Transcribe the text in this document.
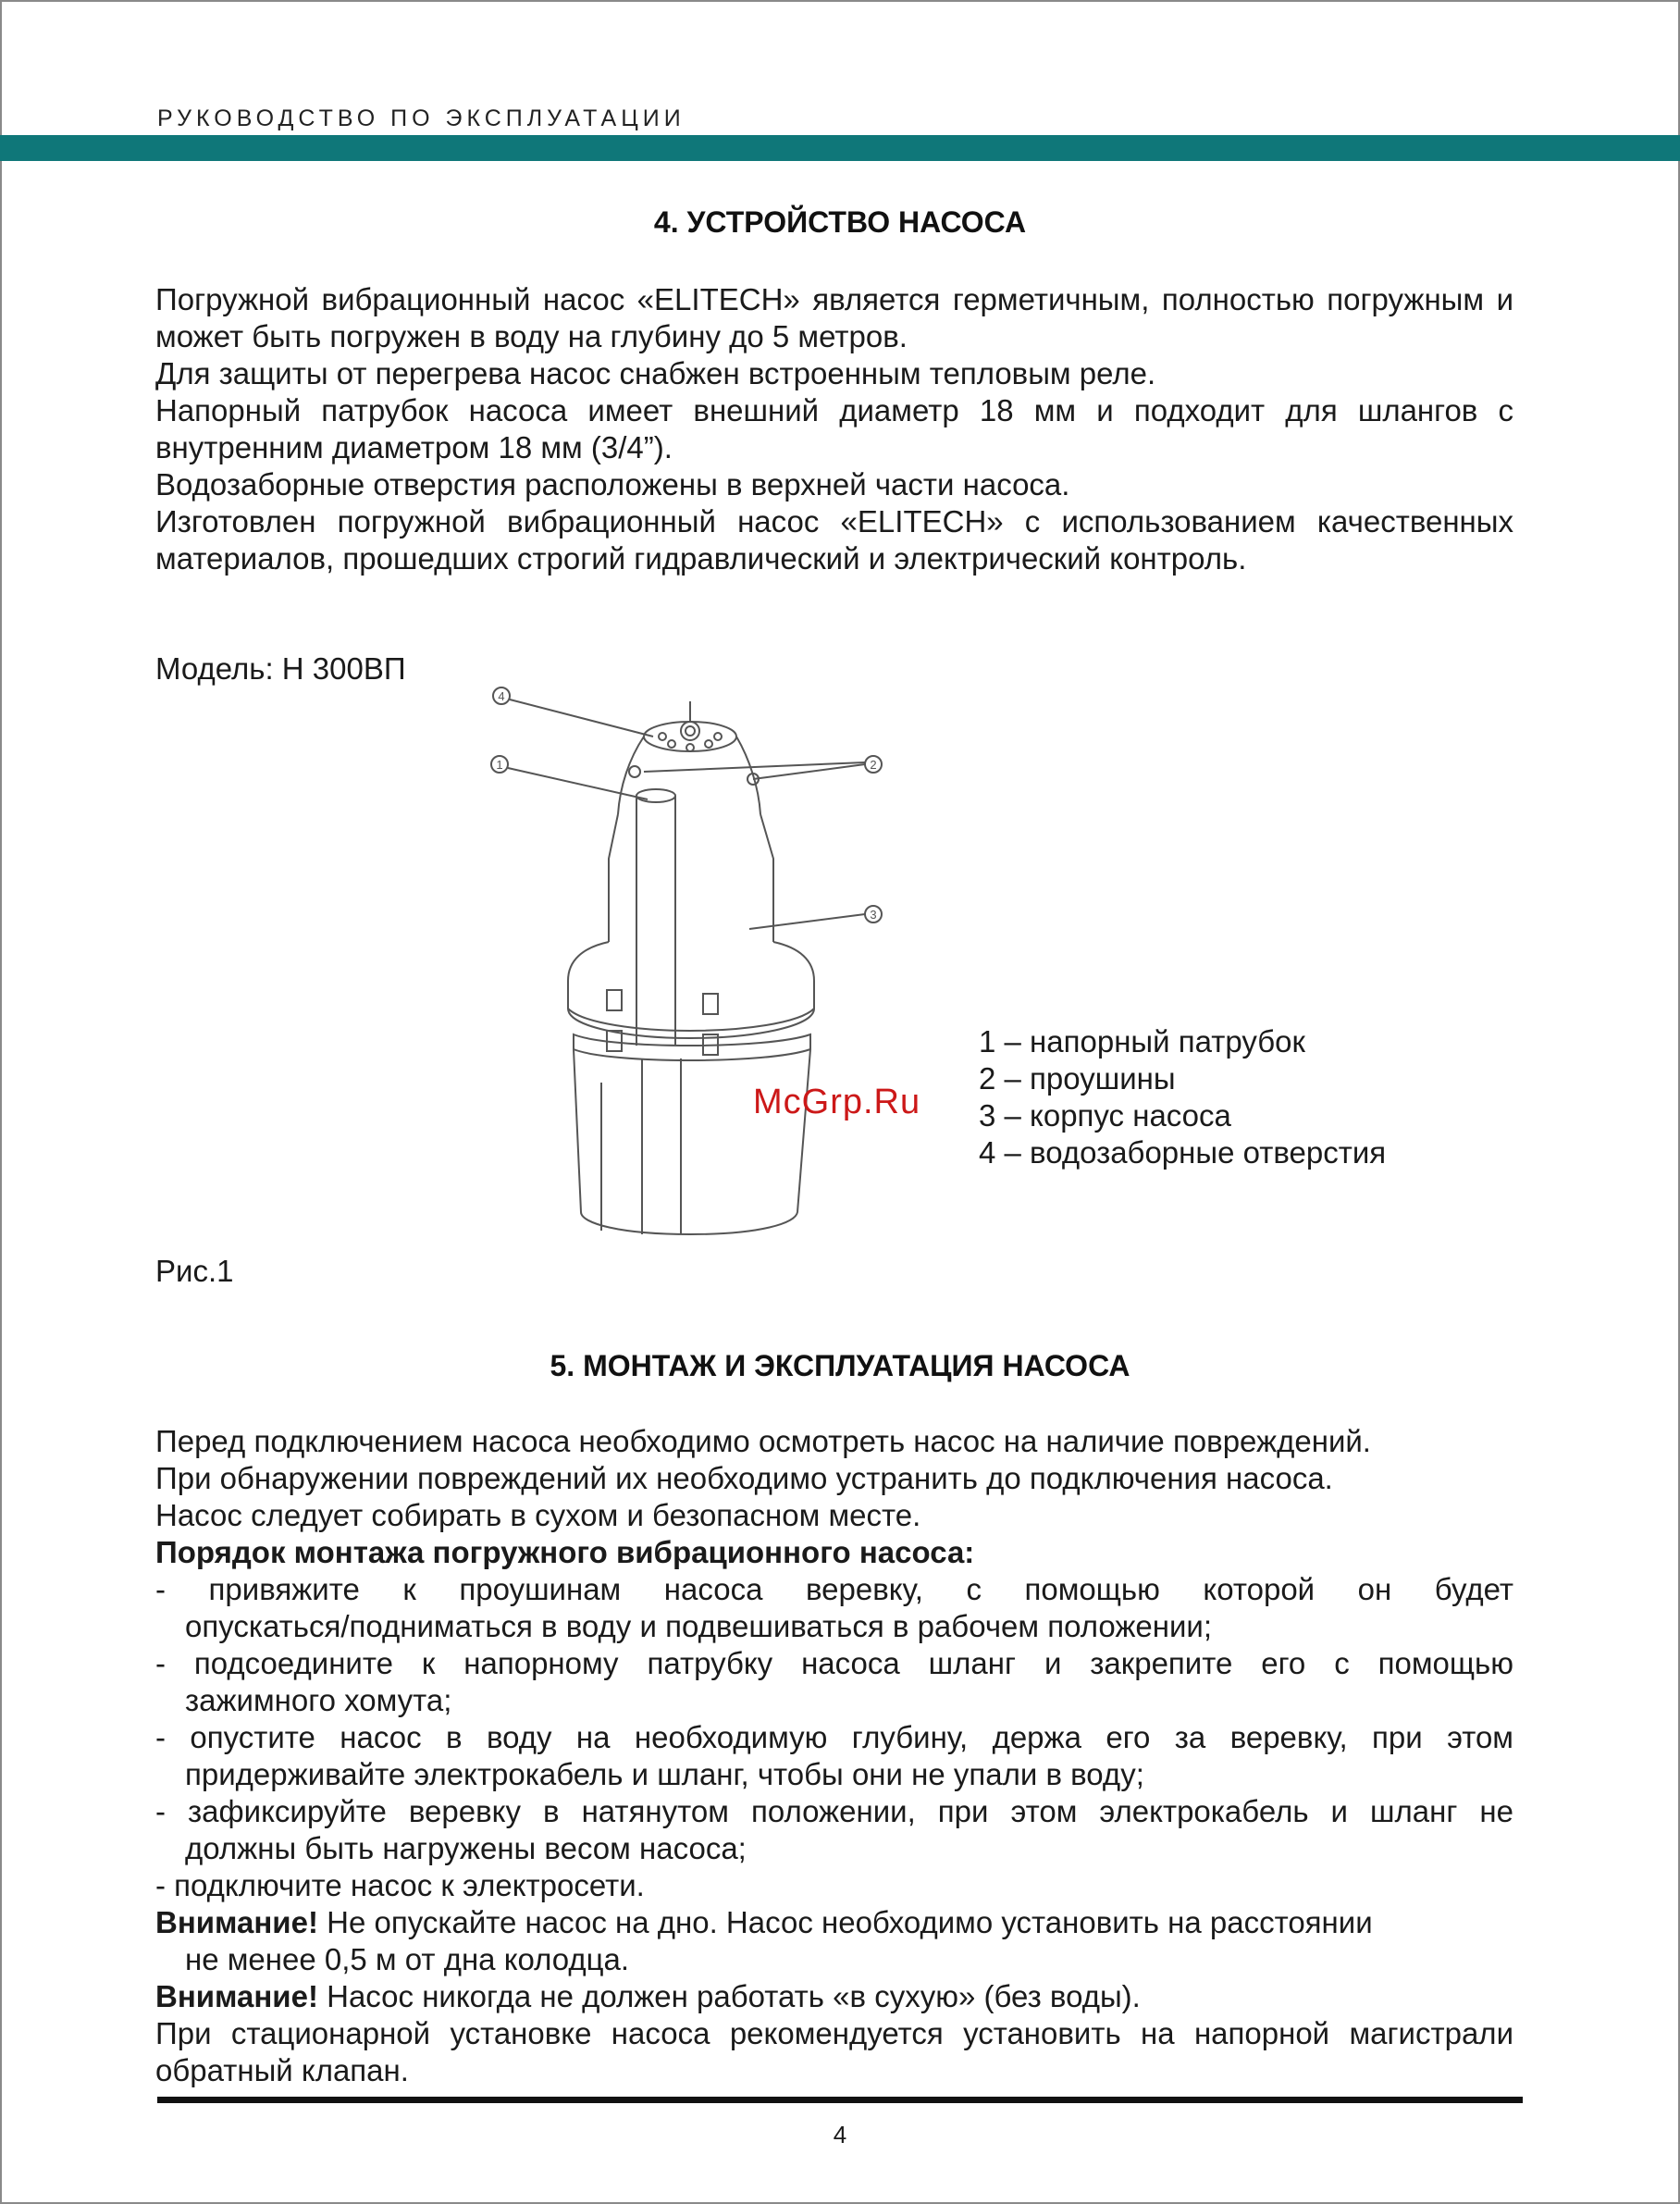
РУКОВОДСТВО ПО ЭКСПЛУАТАЦИИ
4. УСТРОЙСТВО НАСОСА

Погружной вибрационный насос «ELITECH» является герметичным, полностью погружным и может быть погружен в воду на глубину до 5 метров.

Для защиты от перегрева насос снабжен встроенным тепловым реле.

Напорный патрубок насоса имеет внешний диаметр 18 мм и подходит для шлангов с внутренним диаметром 18 мм (3/4”).

Водозаборные отверстия расположены в верхней части насоса.

Изготовлен погружной вибрационный насос «ELITECH» с использованием качественных материалов, прошедших строгий гидравлический и электрический контроль.

Модель: Н 300ВП
4
1	2
3
1 – напорный патрубок
2 – проушины
3 – корпус насоса
4 – водозаборные отверстия
McGrp.Ru
Рис.1
5. МОНТАЖ И ЭКСПЛУАТАЦИЯ НАСОСА

Перед подключением насоса необходимо осмотреть насос на наличие повреждений.

При обнаружении повреждений их необходимо устранить до подключения насоса.

Насос следует собирать в сухом и безопасном месте.

Порядок монтажа погружного вибрационного насоса:

- привяжите к проушинам насоса веревку, с помощью которой он будет

опускаться/подниматься в воду и подвешиваться в рабочем положении;

- подсоедините к напорному патрубку насоса шланг и закрепите его с помощью

зажимного хомута;

- опустите насос в воду на необходимую глубину, держа его за веревку, при этом

придерживайте электрокабель и шланг, чтобы они не упали в воду;

- зафиксируйте веревку в натянутом положении, при этом электрокабель и шланг не

должны быть нагружены весом насоса;

- подключите насос к электросети.

Внимание! Не опускайте насос на дно. Насос необходимо установить на расстоянии

не менее 0,5 м от дна колодца.

Внимание! Насос никогда не должен работать «в сухую» (без воды).

При стационарной установке насоса рекомендуется установить на напорной магистрали обратный клапан.

4
